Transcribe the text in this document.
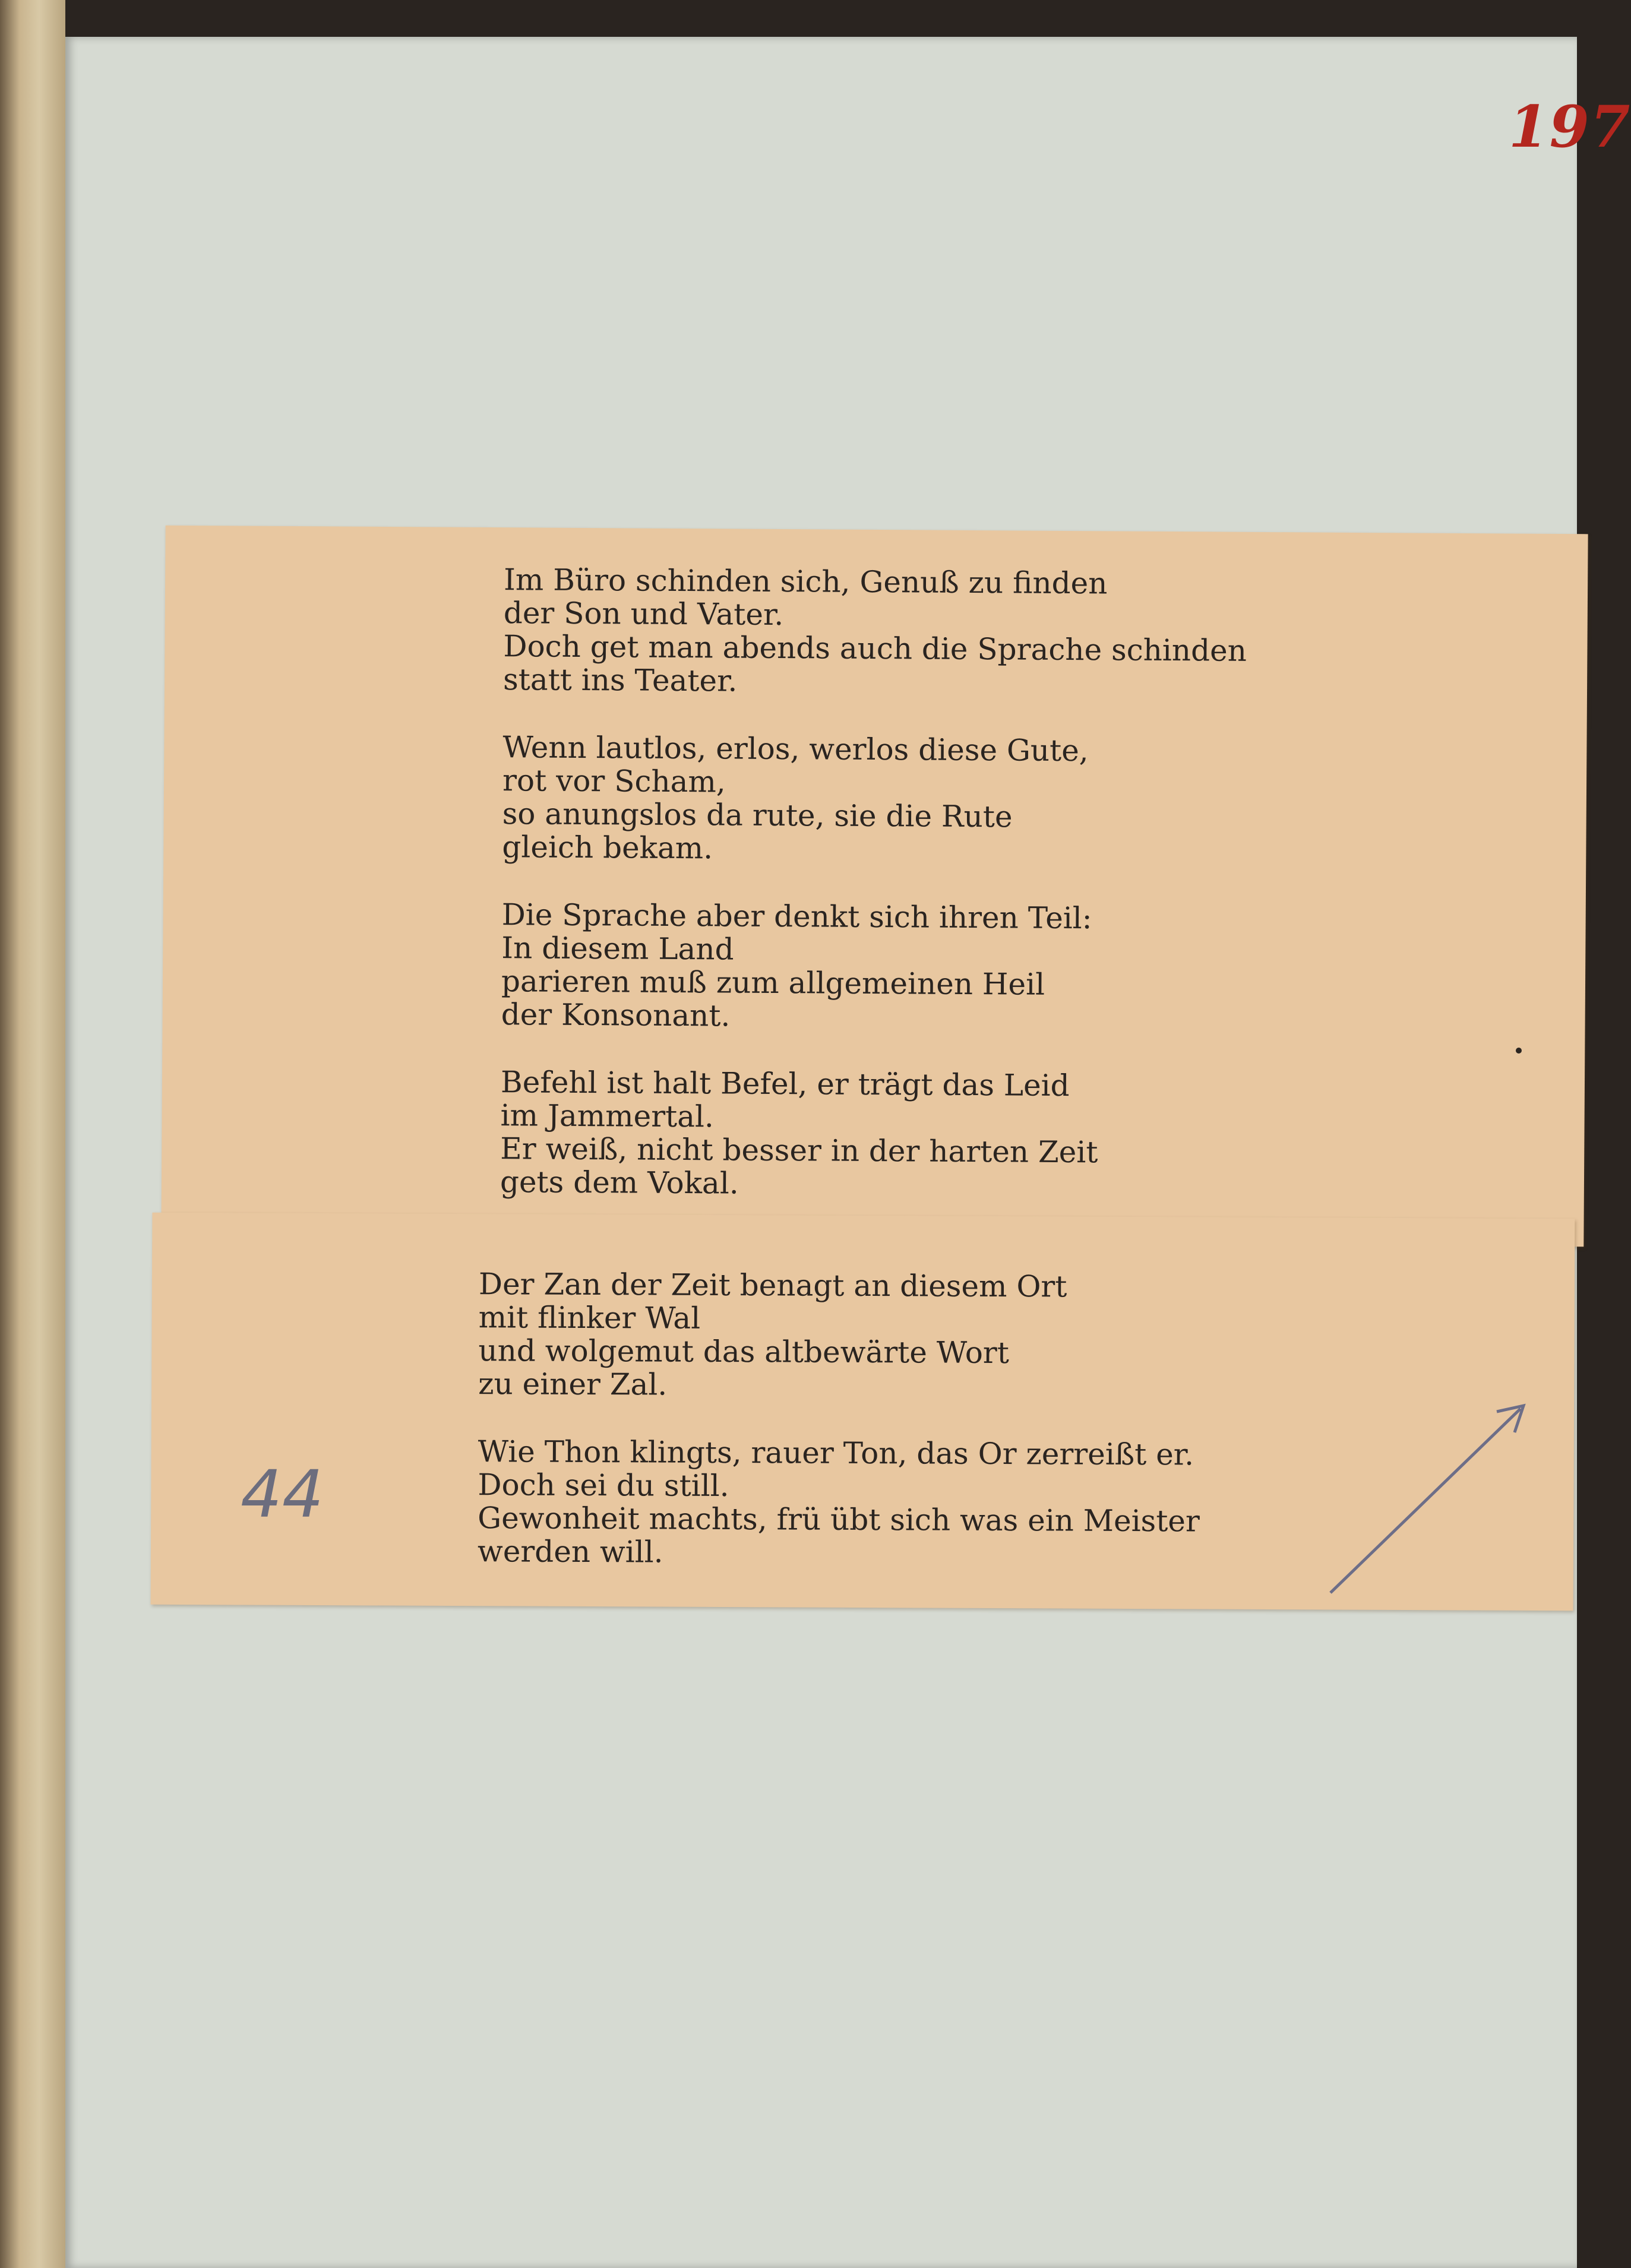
197
Im Büro schinden sich, Genuß zu finden
der Son und Vater.
Doch get man abends auch die Sprache schinden
statt ins Teater.
Wenn lautlos, erlos, werlos diese Gute,
rot vor Scham,
so anungslos da rute, sie die Rute
gleich bekam.
Die Sprache aber denkt sich ihren Teil:
In diesem Land
parieren muß zum allgemeinen Heil
der Konsonant.
Befehl ist halt Befel, er trägt das Leid
im Jammertal.
Er weiß, nicht besser in der harten Zeit
gets dem Vokal.
Der Zan der Zeit benagt an diesem Ort
mit flinker Wal
und wolgemut das altbewärte Wort
zu einer Zal.
Wie Thon klingts, rauer Ton, das Or zerreißt er.
Doch sei du still.
Gewonheit machts, frü übt sich was ein Meister
werden will.
44
